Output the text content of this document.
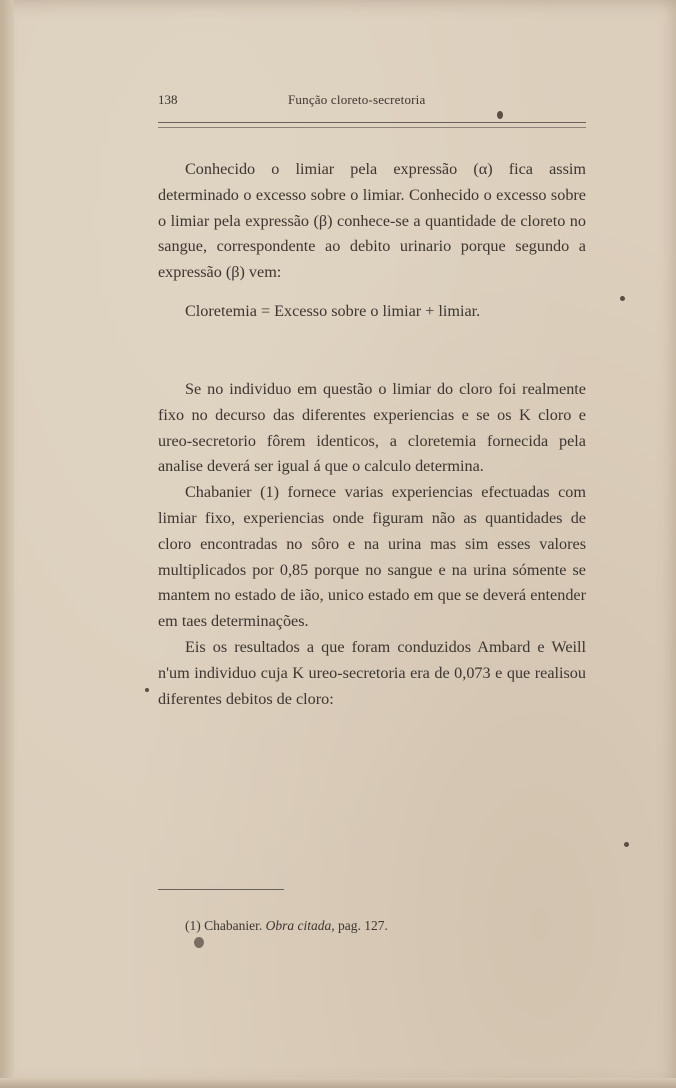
138	Função cloreto-secretoria

Conhecido o limiar pela expressão (α) fica assim determinado o excesso sobre o limiar. Conhecido o excesso sobre o limiar pela expressão (β) conhece-se a quantidade de cloreto no sangue, correspondente ao debito urinario porque segundo a expressão (β) vem:

Cloretemia = Excesso sobre o limiar + limiar.

Se no individuo em questão o limiar do cloro foi realmente fixo no decurso das diferentes experiencias e se os K cloro e ureo-secretorio fôrem identicos, a cloretemia fornecida pela analise deverá ser igual á que o calculo determina.

Chabanier (1) fornece varias experiencias efectuadas com limiar fixo, experiencias onde figuram não as quantidades de cloro encontradas no sôro e na urina mas sim esses valores multiplicados por 0,85 porque no sangue e na urina sómente se mantem no estado de ião, unico estado em que se deverá entender em taes determinações.

Eis os resultados a que foram conduzidos Ambard e Weill n'um individuo cuja K ureo-secretoria era de 0,073 e que realisou diferentes debitos de cloro:

(1) Chabanier. Obra citada, pag. 127.
